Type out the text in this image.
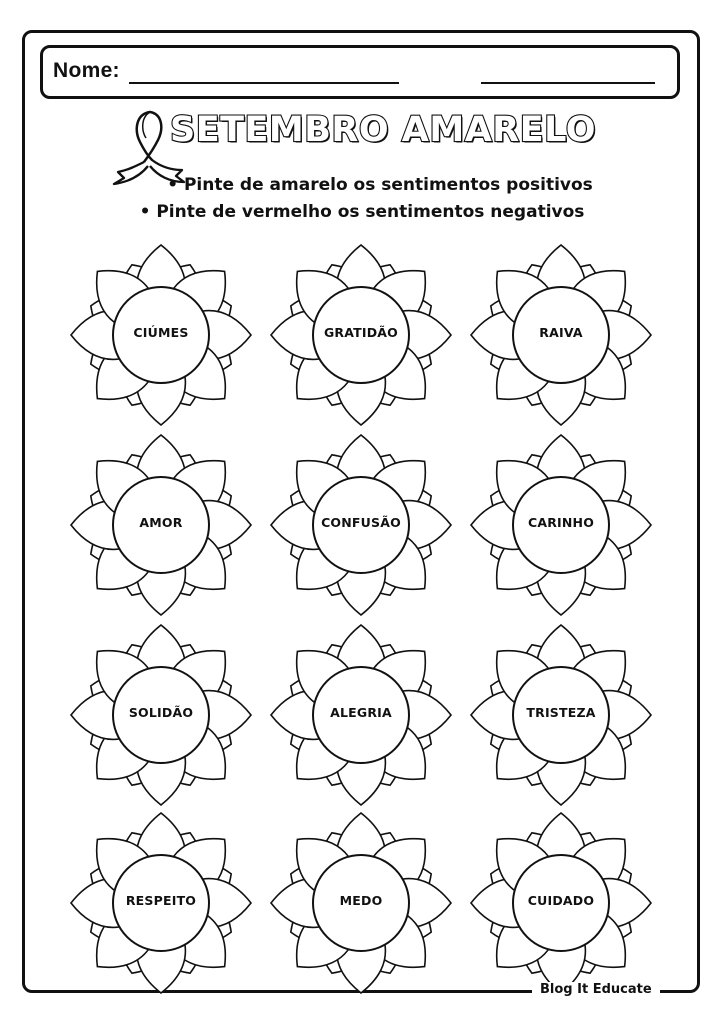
Nome:
SETEMBRO AMARELO
• Pinte de amarelo os sentimentos positivos
• Pinte de vermelho os sentimentos negativos
CIÚMES	GRATIDÃO	RAIVA
AMOR	CONFUSÃO	CARINHO
SOLIDÃO	ALEGRIA	TRISTEZA
RESPEITO	MEDO	CUIDADO
Blog It Educate
